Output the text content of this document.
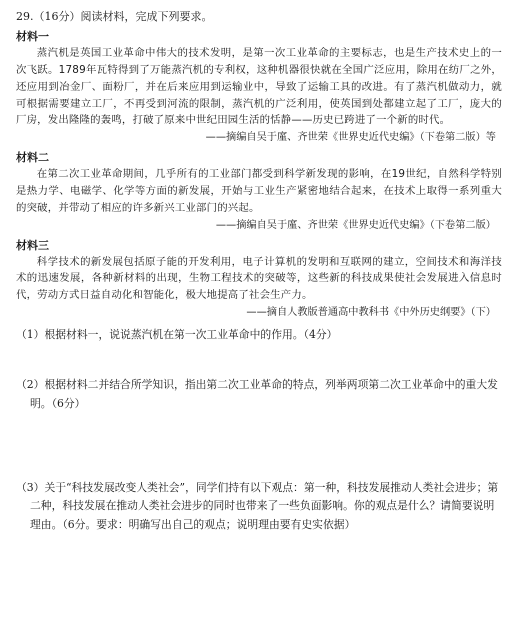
29.（16分）阅读材料，完成下列要求。
材料一
蒸汽机是英国工业革命中伟大的技术发明，是第一次工业革命的主要标志，也是生产技术史上的一次飞跃。1789年瓦特得到了万能蒸汽机的专利权，这种机器很快就在全国广泛应用，除用在纺厂之外，还应用到冶金厂、面粉厂，并在后来应用到运输业中，导致了运输工具的改进。有了蒸汽机做动力，就可根据需要建立工厂，不再受到河流的限制，蒸汽机的广泛利用，使英国到处都建立起了工厂，庞大的厂房，发出隆隆的轰鸣，打破了原来中世纪田园生活的恬静——历史已跨进了一个新的时代。
——摘编自吴于廑、齐世荣《世界史近代史编》（下卷第二版）等
材料二
在第二次工业革命期间，几乎所有的工业部门都受到科学新发现的影响，在19世纪，自然科学特别是热力学、电磁学、化学等方面的新发展，开始与工业生产紧密地结合起来，在技术上取得一系列重大的突破，并带动了相应的许多新兴工业部门的兴起。
——摘编自吴于廑、齐世荣《世界史近代史编》（下卷第二版）
材料三
科学技术的新发展包括原子能的开发利用，电子计算机的发明和互联网的建立，空间技术和海洋技术的迅速发展，各种新材料的出现，生物工程技术的突破等，这些新的科技成果使社会发展进入信息时代，劳动方式日益自动化和智能化，极大地提高了社会生产力。
——摘自人教版普通高中教科书《中外历史纲要》（下）
（1）根据材料一，说说蒸汽机在第一次工业革命中的作用。（4分）
（2）根据材料二并结合所学知识，指出第二次工业革命的特点，列举两项第二次工业革命中的重大发明。（6分）
（3）关于“科技发展改变人类社会”，同学们持有以下观点：第一种，科技发展推动人类社会进步；第二种，科技发展在推动人类社会进步的同时也带来了一些负面影响。你的观点是什么？请简要说明理由。（6分。要求：明确写出自己的观点；说明理由要有史实依据）
